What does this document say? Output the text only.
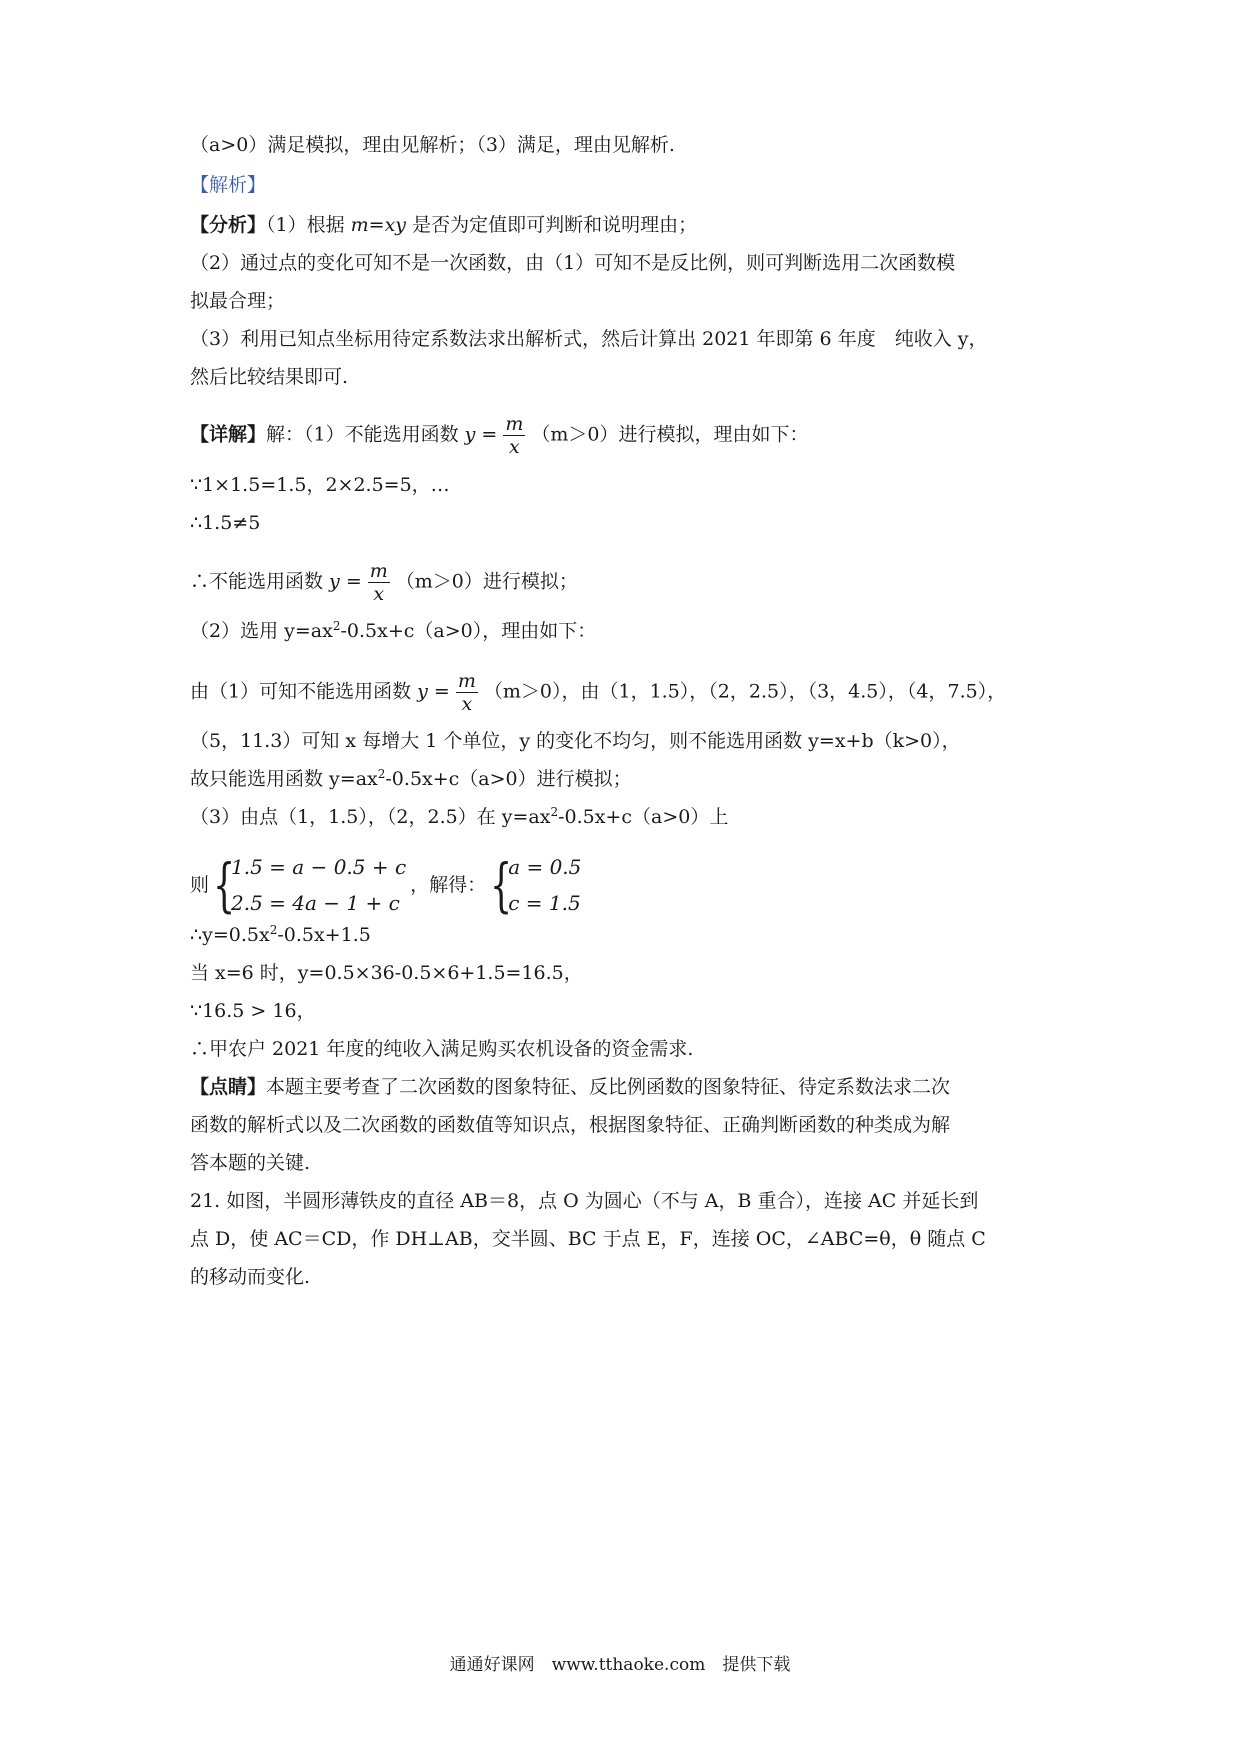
（a>0）满足模拟，理由见解析；（3）满足，理由见解析.
【解析】
【分析】（1）根据 m=xy 是否为定值即可判断和说明理由；
（2）通过点的变化可知不是一次函数，由（1）可知不是反比例，则可判断选用二次函数模
拟最合理；
（3）利用已知点坐标用待定系数法求出解析式，然后计算出 2021 年即第 6 年度　纯收入 y，
然后比较结果即可.
【详解】解：（1）不能选用函数 $y = \frac{m}{x} (m>0)$进行模拟，理由如下：
∵1×1.5=1.5，2×2.5=5，…
∴1.5≠5
∴不能选用函数 $y = \frac{m}{x} (m>0)$进行模拟；
（2）选用 $y=ax^2-0.5x+c(a>0)$，理由如下：
由（1）可知不能选用函数 $y = \frac{m}{x} (m>0)$，由（1，1.5），（2，2.5），（3，4.5），（4，7.5），
（5，11.3）可知 x 每增大 1 个单位，y 的变化不均匀，则不能选用函数 y=x+b（k>0），
故只能选用函数 $y=ax^2-0.5x+c(a>0)$进行模拟；
（3）由点（1，1.5），（2，2.5）在 $y=ax^2-0.5x+c(a>0)$上
则 {
1.5 = a − 0.5 + c
2.5 = 4a − 1 + c
，解得： {
a = 0.5
c = 1.5
$\therefore y=0.5x^2-0.5x+1.5$
当 x=6 时，y=0.5×36-0.5×6+1.5=16.5，
∵16.5 > 16，
∴甲农户 2021 年度的纯收入满足购买农机设备的资金需求.
【点睛】本题主要考查了二次函数的图象特征、反比例函数的图象特征、待定系数法求二次
函数的解析式以及二次函数的函数值等知识点，根据图象特征、正确判断函数的种类成为解
答本题的关键.
21. 如图，半圆形薄铁皮的直径 AB＝8，点 O 为圆心（不与 A，B 重合），连接 AC 并延长到
点 D，使 AC＝CD，作 DH⊥AB，交半圆、BC 于点 E，F，连接 OC，∠ABC=θ，θ 随点 C
的移动而变化.
通通好课网　www.tthaoke.com　提供下载
